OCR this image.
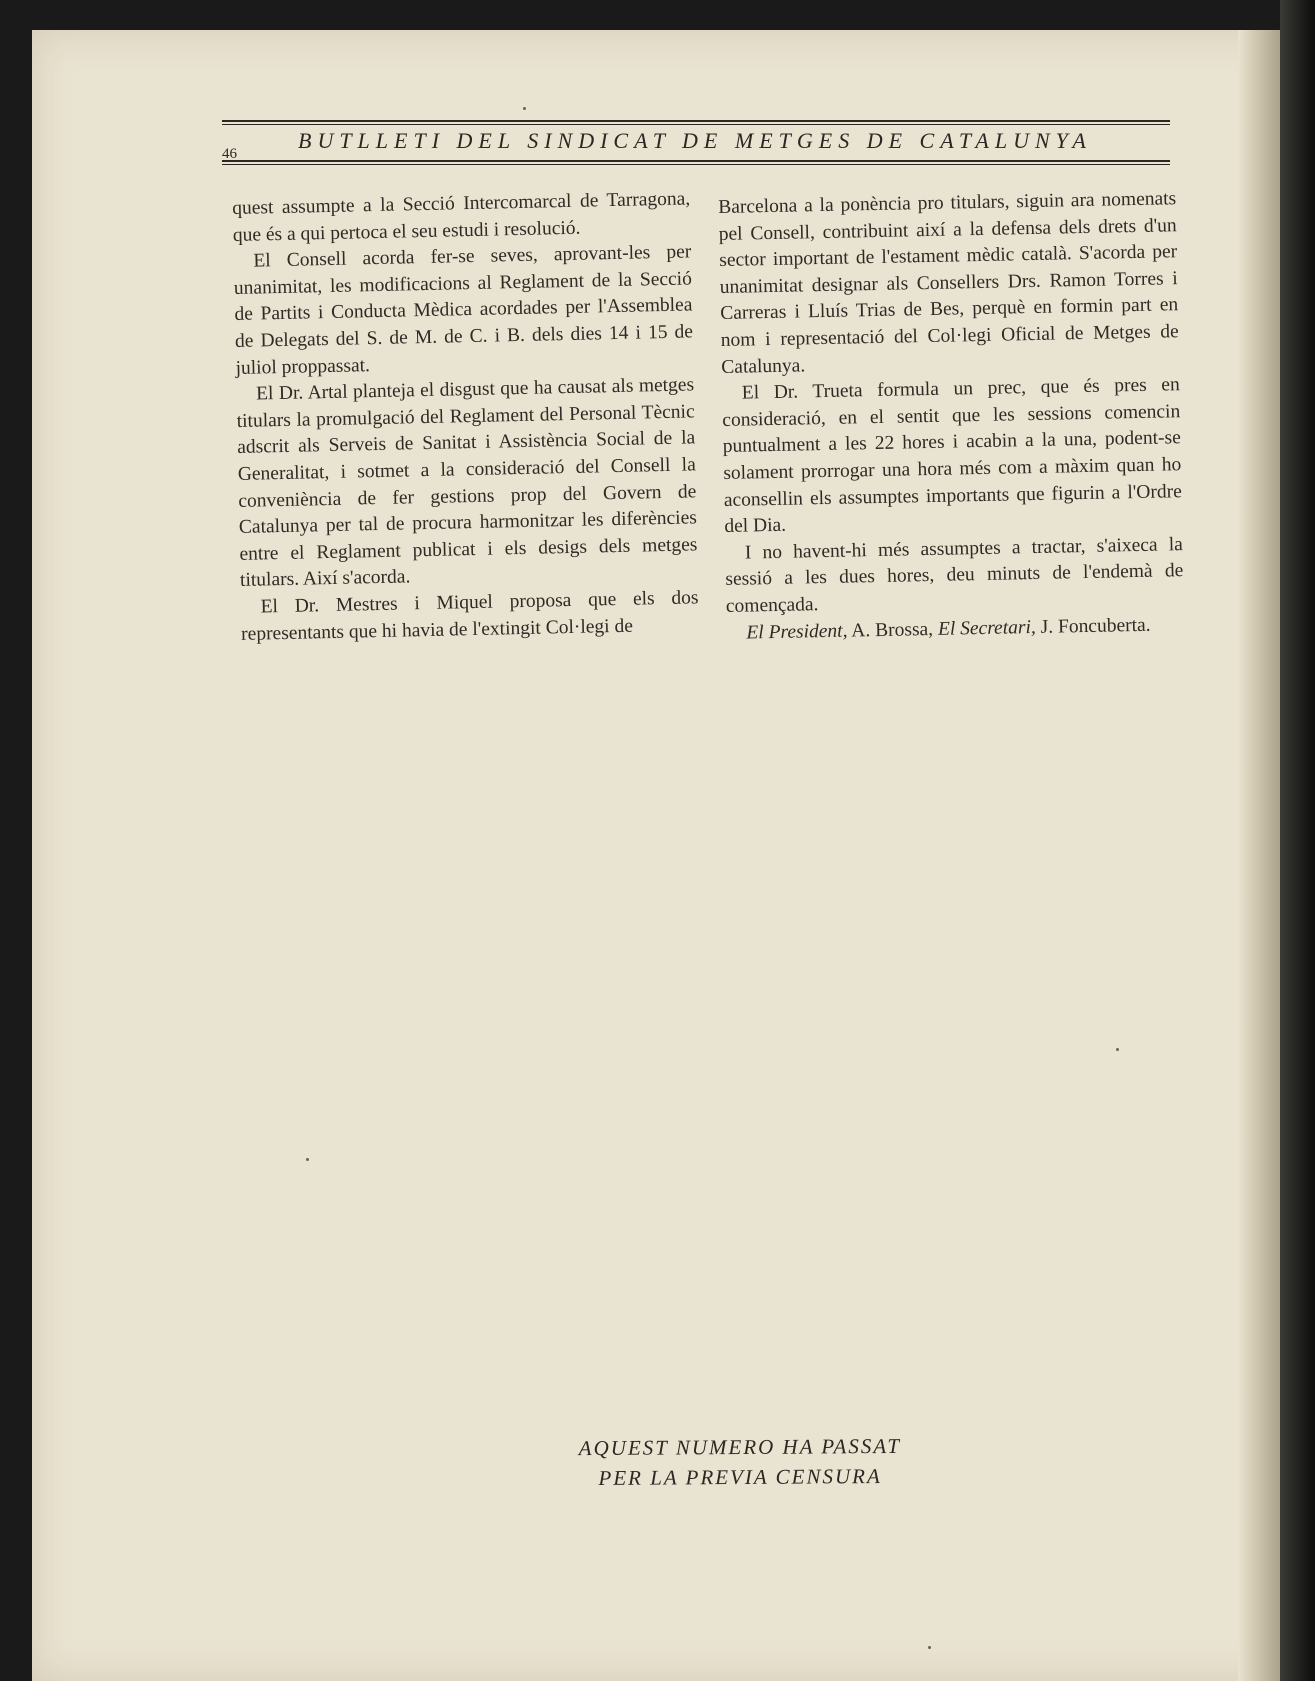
46
BUTLLETI DEL SINDICAT DE METGES DE CATALUNYA

quest assumpte a la Secció Intercomarcal de Tarragona, que és a qui pertoca el seu estudi i resolució.

El Consell acorda fer-se seves, aprovant-les per unanimitat, les modificacions al Reglament de la Secció de Partits i Conducta Mèdica acordades per l'Assemblea de Delegats del S. de M. de C. i B. dels dies 14 i 15 de juliol proppassat.

El Dr. Artal planteja el disgust que ha causat als metges titulars la promulgació del Reglament del Personal Tècnic adscrit als Serveis de Sanitat i Assistència Social de la Generalitat, i sotmet a la consideració del Consell la conveniència de fer gestions prop del Govern de Catalunya per tal de procura harmonitzar les diferències entre el Reglament publicat i els desigs dels metges titulars. Així s'acorda.

El Dr. Mestres i Miquel proposa que els dos representants que hi havia de l'extingit Col·legi de

Barcelona a la ponència pro titulars, siguin ara nomenats pel Consell, contribuint així a la defensa dels drets d'un sector important de l'estament mèdic català. S'acorda per unanimitat designar als Consellers Drs. Ramon Torres i Carreras i Lluís Trias de Bes, perquè en formin part en nom i representació del Col·legi Oficial de Metges de Catalunya.

El Dr. Trueta formula un prec, que és pres en consideració, en el sentit que les sessions comencin puntualment a les 22 hores i acabin a la una, podent-se solament prorrogar una hora més com a màxim quan ho aconsellin els assumptes importants que figurin a l'Ordre del Dia.

I no havent-hi més assumptes a tractar, s'aixeca la sessió a les dues hores, deu minuts de l'endemà de començada.

El President, A. Brossa, El Secretari, J. Foncuberta.

AQUEST NUMERO HA PASSAT
PER LA PREVIA CENSURA
